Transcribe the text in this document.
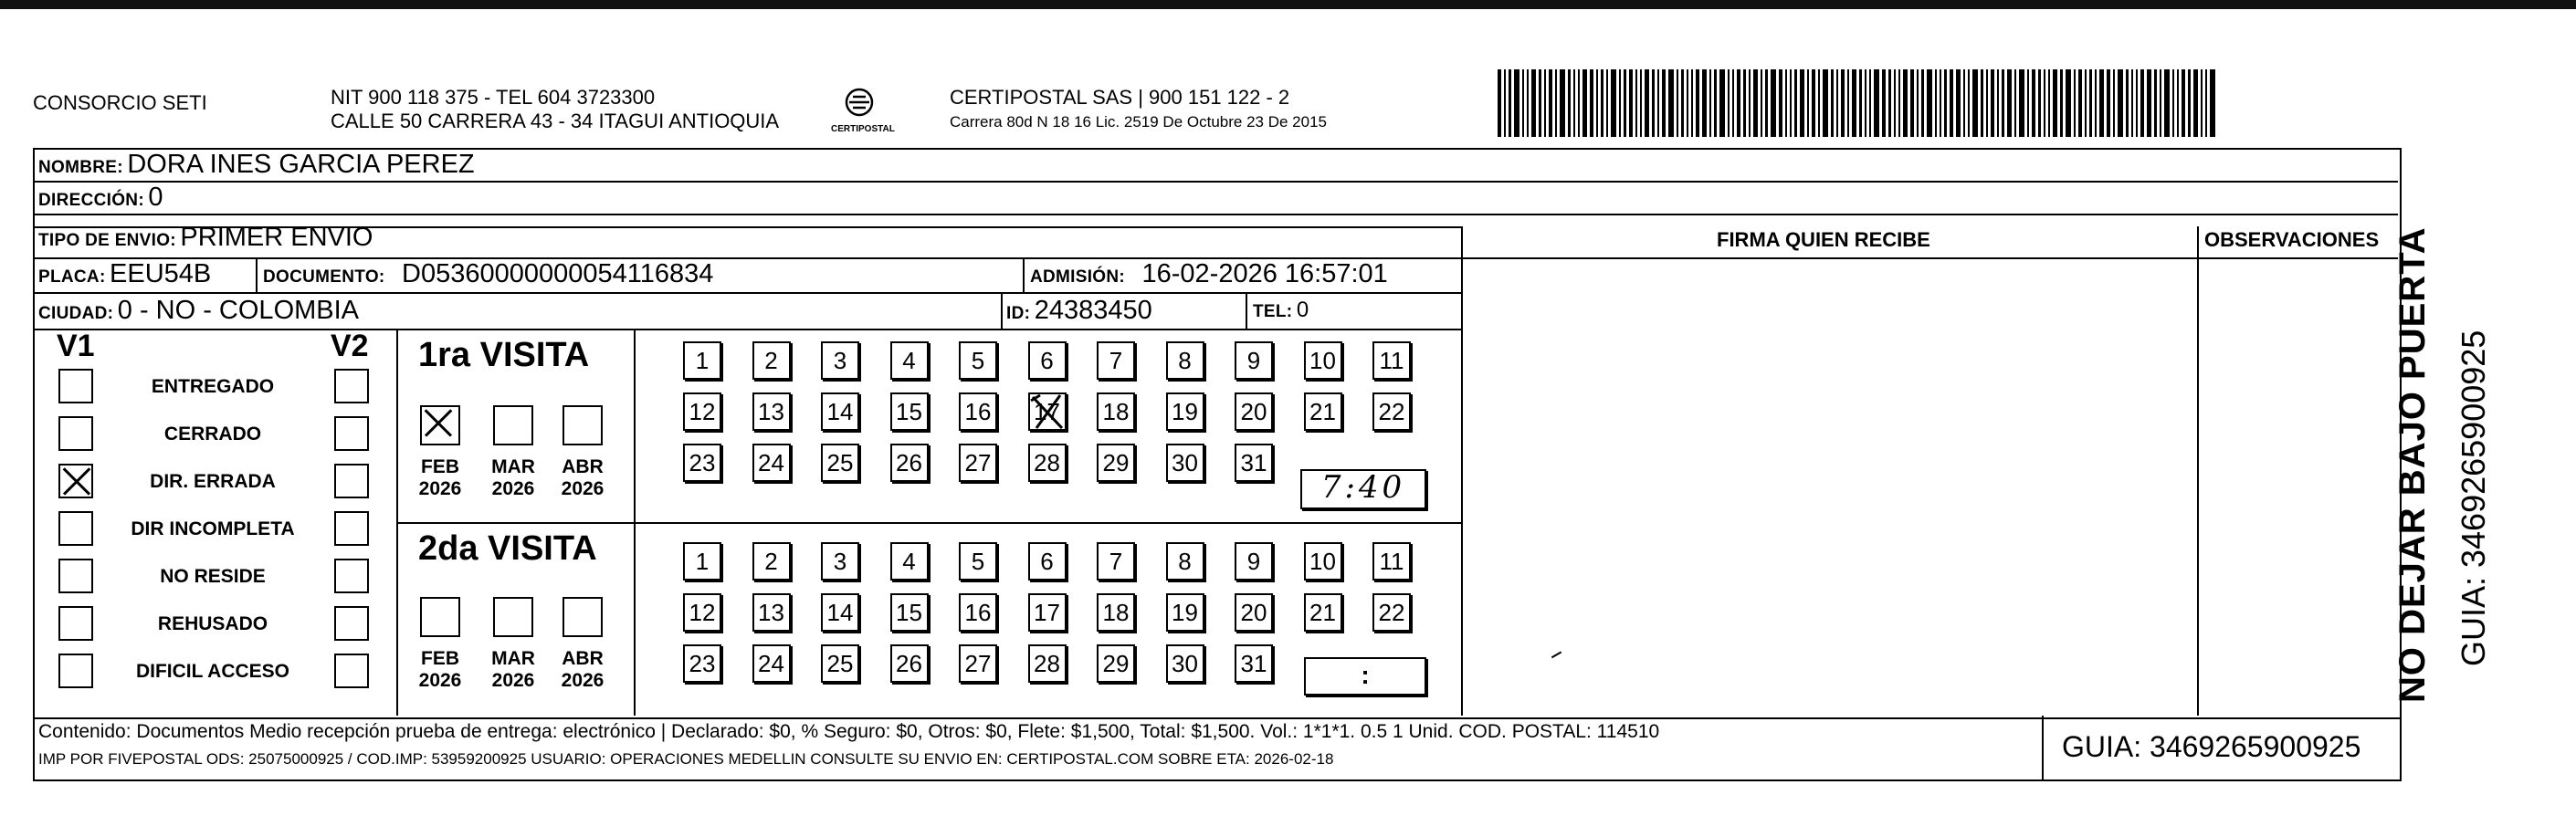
CONSORCIO SETI	NIT 900 118 375 - TEL 604 3723300
CALLE 50 CARRERA 43 - 34 ITAGUI ANTIOQUIA	CERTIPOSTAL
CERTIPOSTAL SAS | 900 151 122 - 2
Carrera 80d N 18 16 Lic. 2519 De Octubre 23 De 2015
NOMBRE: DORA INES GARCIA PEREZ
DIRECCIÓN: 0
TIPO DE ENVIO: PRIMER ENVIO	FIRMA QUIEN RECIBE	OBSERVACIONES
PLACA: EEU54B	DOCUMENTO: D05360000000054116834	ADMISIÓN: 16-02-2026 16:57:01
CIUDAD: 0 - NO - COLOMBIA	ID: 24383450	TEL: 0
V1	V2
ENTREGADO
CERRADO
DIR. ERRADA
DIR INCOMPLETA
NO RESIDE
REHUSADO
DIFICIL ACCESO
1ra VISITA
FEB
2026
MAR
2026
ABR
2026
1 2 3 4 5 6 7 8 9 10 11
12 13 14 15 16 17 18 19 20 21 22
23 24 25 26 27 28 29 30 31
7:40
2da VISITA
FEB
2026
MAR
2026
ABR
2026
1 2 3 4 5 6 7 8 9 10 11
12 13 14 15 16 17 18 19 20 21 22
23 24 25 26 27 28 29 30 31	:
Contenido: Documentos Medio recepción prueba de entrega: electrónico | Declarado: $0, % Seguro: $0, Otros: $0, Flete: $1,500, Total: $1,500. Vol.: 1*1*1. 0.5 1 Unid. COD. POSTAL: 114510
IMP POR FIVEPOSTAL ODS: 25075000925 / COD.IMP: 53959200925 USUARIO: OPERACIONES MEDELLIN CONSULTE SU ENVIO EN: CERTIPOSTAL.COM SOBRE ETA: 2026-02-18	GUIA: 3469265900925
NO DEJAR BAJO PUERTA GUIA: 3469265900925
